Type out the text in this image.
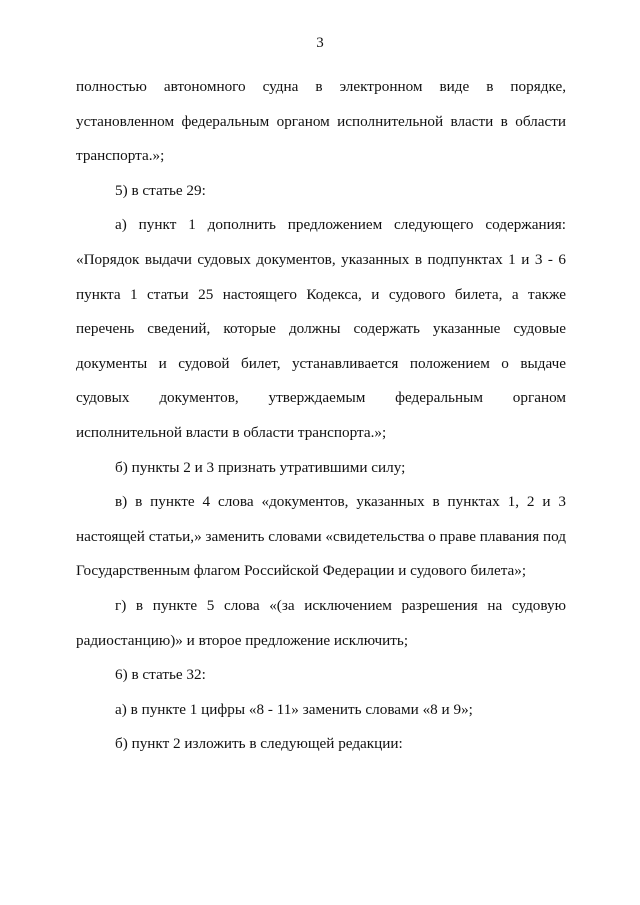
3

полностью автономного судна в электронном виде в порядке, установленном федеральным органом исполнительной власти в области транспорта.»;

5) в статье 29:

а) пункт 1 дополнить предложением следующего содержания: «Порядок выдачи судовых документов, указанных в подпунктах 1 и 3 - 6 пункта 1 статьи 25 настоящего Кодекса, и судового билета, а также перечень сведений, которые должны содержать указанные судовые документы и судовой билет, устанавливается положением о выдаче судовых документов, утверждаемым федеральным органом исполнительной власти в области транспорта.»;

б) пункты 2 и 3 признать утратившими силу;

в) в пункте 4 слова «документов, указанных в пунктах 1, 2 и 3 настоящей статьи,» заменить словами «свидетельства о праве плавания под Государственным флагом Российской Федерации и судового билета»;

г) в пункте 5 слова «(за исключением разрешения на судовую радиостанцию)» и второе предложение исключить;

6) в статье 32:

а) в пункте 1 цифры «8 - 11» заменить словами «8 и 9»;

б) пункт 2 изложить в следующей редакции:
